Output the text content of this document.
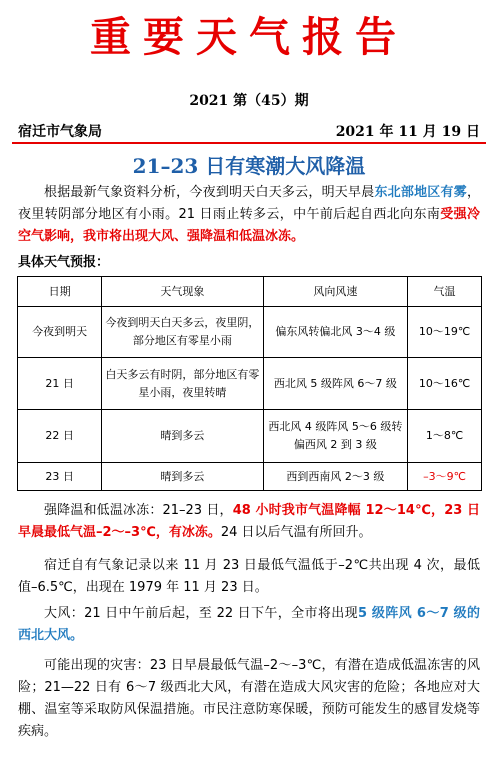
重要天气报告
2021 第（45）期
宿迁市气象局	2021 年 11 月 19 日
21–23 日有寒潮大风降温
根据最新气象资料分析，今夜到明天白天多云，明天早晨东北部地区有雾，夜里转阴部分地区有小雨。21 日雨止转多云，中午前后起自西北向东南受强冷空气影响，我市将出现大风、强降温和低温冰冻。
具体天气预报：
日期	天气现象	风向风速	气温
今夜到明天	今夜到明天白天多云，夜里阴，部分地区有零星小雨	偏东风转偏北风 3～4 级	10～19℃
21 日	白天多云有时阴，部分地区有零星小雨，夜里转晴	西北风 5 级阵风 6～7 级	10～16℃
22 日	晴到多云	西北风 4 级阵风 5～6 级转偏西风 2 到 3 级	1～8℃
23 日	晴到多云	西到西南风 2～3 级	–3～9℃
强降温和低温冰冻：21–23 日，48 小时我市气温降幅 12～14℃，23 日早晨最低气温–2～–3℃，有冰冻。24 日以后气温有所回升。
宿迁自有气象记录以来 11 月 23 日最低气温低于–2℃共出现 4 次，最低值–6.5℃，出现在 1979 年 11 月 23 日。
大风：21 日中午前后起，至 22 日下午，全市将出现5 级阵风 6～7 级的西北大风。
可能出现的灾害：23 日早晨最低气温–2～–3℃，有潜在造成低温冻害的风险；21—22 日有 6～7 级西北大风，有潜在造成大风灾害的危险；各地应对大棚、温室等采取防风保温措施。市民注意防寒保暖，预防可能发生的感冒发烧等疾病。
